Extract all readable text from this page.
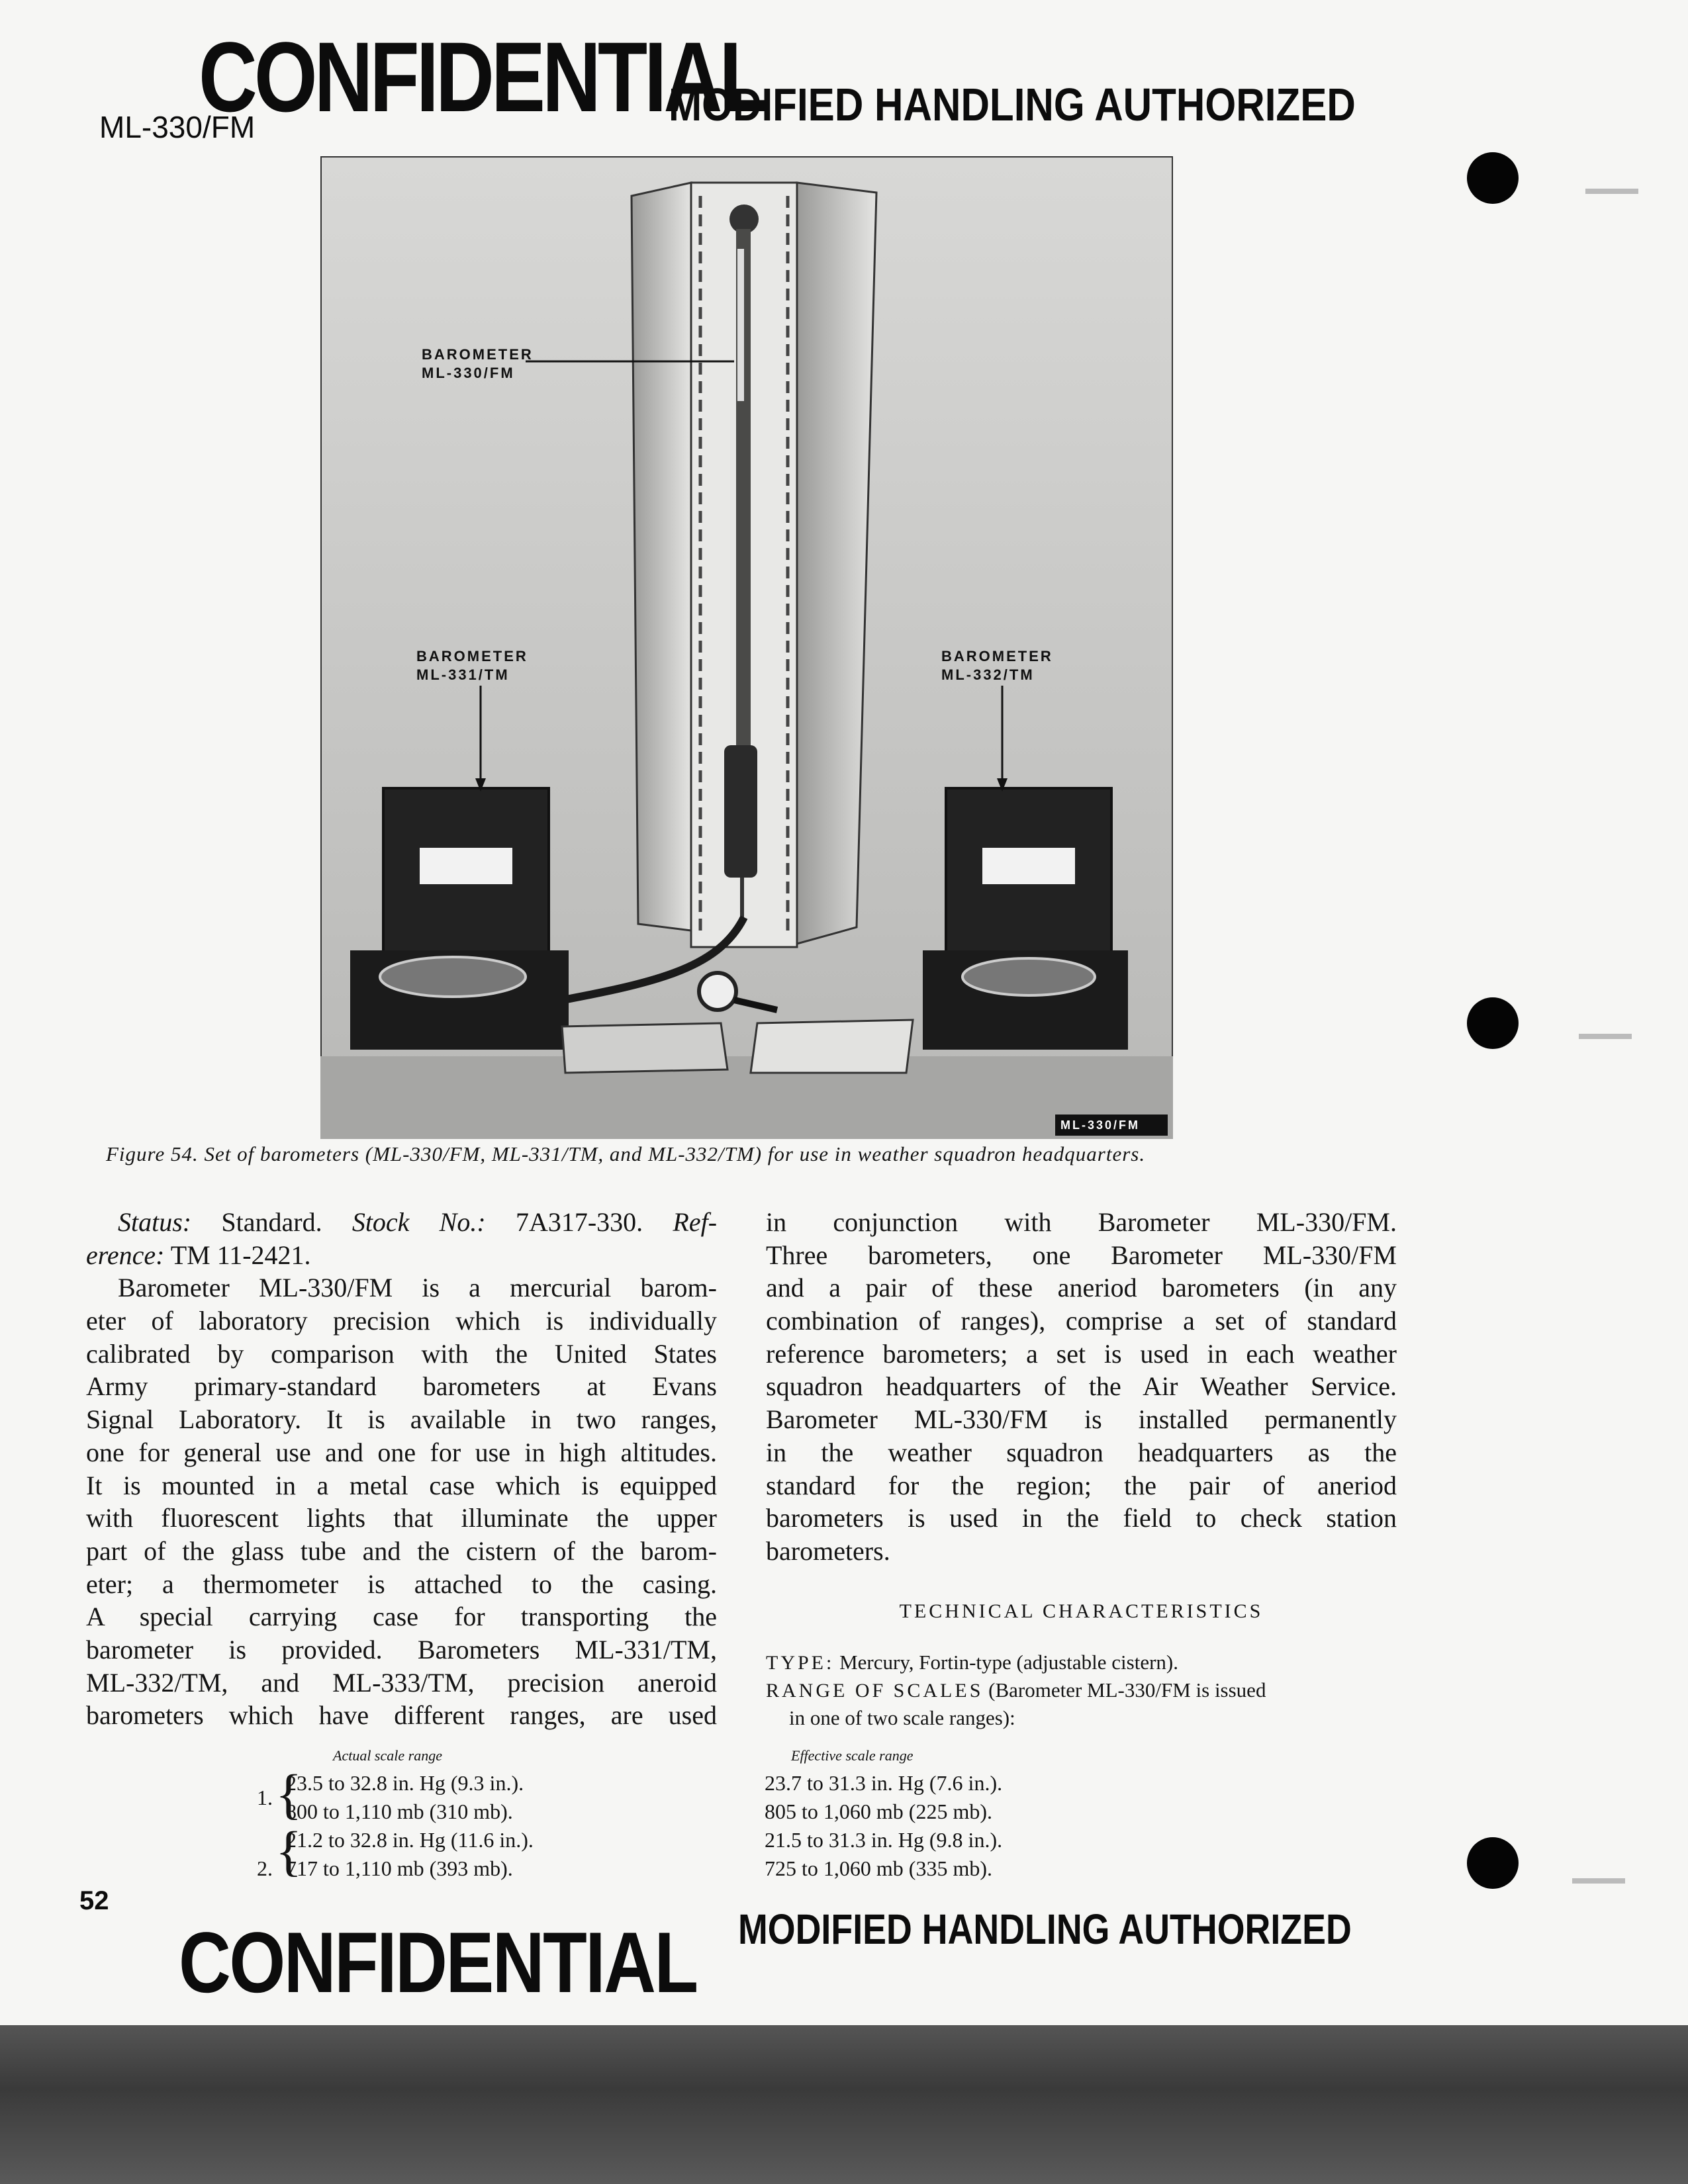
CONFIDENTIAL
MODIFIED HANDLING AUTHORIZED
ML-330/FM
BAROMETER
ML-330/FM
BAROMETER
ML-331/TM
BAROMETER
ML-332/TM
ML-330/FM
Figure 54. Set of barometers (ML-330/FM, ML-331/TM, and ML-332/TM) for use in weather squadron headquarters.
Status: Standard. Stock No.: 7A317-330. Ref-
erence: TM 11-2421.
Barometer ML-330/FM is a mercurial barom-
eter of laboratory precision which is individually
calibrated by comparison with the United States
Army primary-standard barometers at Evans
Signal Laboratory. It is available in two ranges,
one for general use and one for use in high altitudes.
It is mounted in a metal case which is equipped
with fluorescent lights that illuminate the upper
part of the glass tube and the cistern of the barom-
eter; a thermometer is attached to the casing.
A special carrying case for transporting the
barometer is provided. Barometers ML-331/TM,
ML-332/TM, and ML-333/TM, precision aneroid
barometers which have different ranges, are used
in conjunction with Barometer ML-330/FM.
Three barometers, one Barometer ML-330/FM
and a pair of these aneriod barometers (in any
combination of ranges), comprise a set of standard
reference barometers; a set is used in each weather
squadron headquarters of the Air Weather Service.
Barometer ML-330/FM is installed permanently
in the weather squadron headquarters as the
standard for the region; the pair of aneriod
barometers is used in the field to check station
barometers.
TECHNICAL CHARACTERISTICS
TYPE: Mercury, Fortin-type (adjustable cistern).
RANGE OF SCALES (Barometer ML-330/FM is issued
in one of two scale ranges):
Actual scale range	Effective scale range
1. {
23.5 to 32.8 in. Hg (9.3 in.).
800 to 1,110 mb (310 mb).
2. {
21.2 to 32.8 in. Hg (11.6 in.).
717 to 1,110 mb (393 mb).
23.7 to 31.3 in. Hg (7.6 in.).
805 to 1,060 mb (225 mb).
21.5 to 31.3 in. Hg (9.8 in.).
725 to 1,060 mb (335 mb).
52
CONFIDENTIAL MODIFIED HANDLING AUTHORIZED
